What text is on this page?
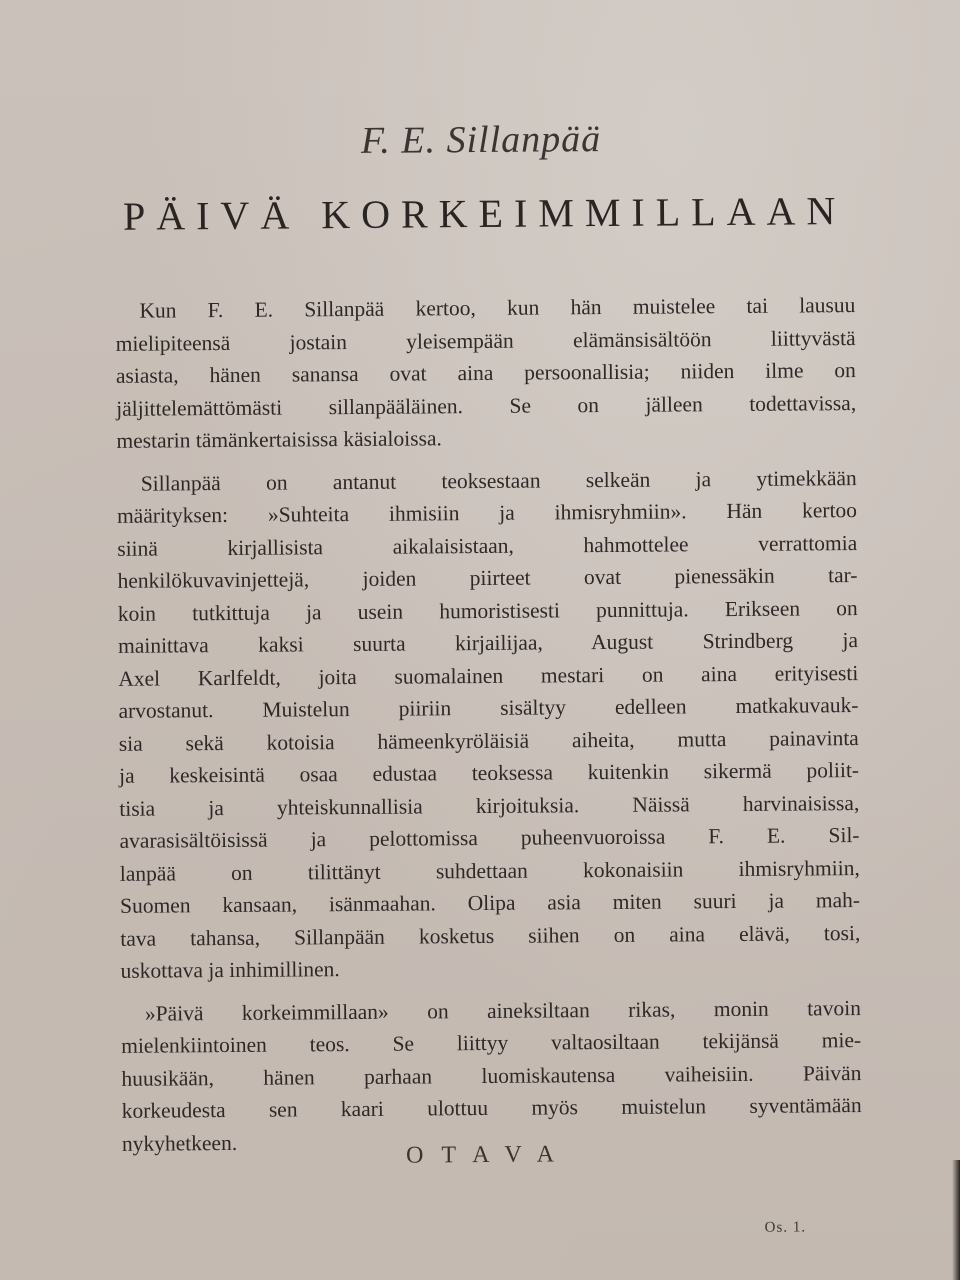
F. E. Sillanpää
PÄIVÄ KORKEIMMILLAAN
Kun F. E. Sillanpää kertoo, kun hän muistelee tai lausuu
mielipiteensä jostain yleisempään elämänsisältöön liittyvästä
asiasta, hänen sanansa ovat aina persoonallisia; niiden ilme on
jäljittelemättömästi sillanpääläinen. Se on jälleen todettavissa,
mestarin tämänkertaisissa käsialoissa.
Sillanpää on antanut teoksestaan selkeän ja ytimekkään
määrityksen: »Suhteita ihmisiin ja ihmisryhmiin». Hän kertoo
siinä kirjallisista aikalaisistaan, hahmottelee verrattomia
henkilökuvavinjettejä, joiden piirteet ovat pienessäkin tar-
koin tutkittuja ja usein humoristisesti punnittuja. Erikseen on
mainittava kaksi suurta kirjailijaa, August Strindberg ja
Axel Karlfeldt, joita suomalainen mestari on aina erityisesti
arvostanut. Muistelun piiriin sisältyy edelleen matkakuvauk-
sia sekä kotoisia hämeenkyröläisiä aiheita, mutta painavinta
ja keskeisintä osaa edustaa teoksessa kuitenkin sikermä poliit-
tisia ja yhteiskunnallisia kirjoituksia. Näissä harvinaisissa,
avarasisältöisissä ja pelottomissa puheenvuoroissa F. E. Sil-
lanpää on tilittänyt suhdettaan kokonaisiin ihmisryhmiin,
Suomen kansaan, isänmaahan. Olipa asia miten suuri ja mah-
tava tahansa, Sillanpään kosketus siihen on aina elävä, tosi,
uskottava ja inhimillinen.
»Päivä korkeimmillaan» on aineksiltaan rikas, monin tavoin
mielenkiintoinen teos. Se liittyy valtaosiltaan tekijänsä mie-
huusikään, hänen parhaan luomiskautensa vaiheisiin. Päivän
korkeudesta sen kaari ulottuu myös muistelun syventämään
nykyhetkeen.	OTAVA
Os. 1.
